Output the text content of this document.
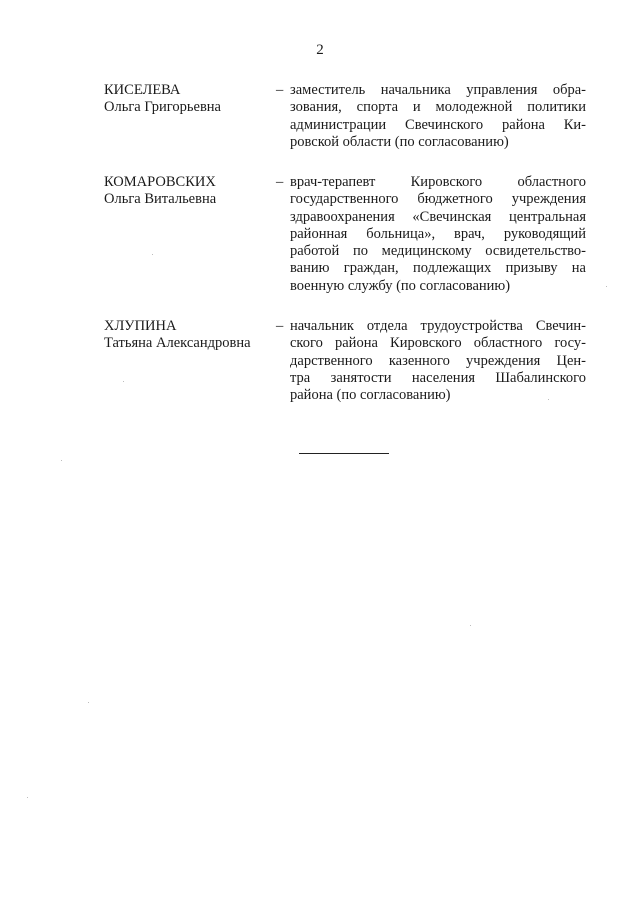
2
КИСЕЛЕВА
Ольга Григорьевна
– заместитель начальника управления обра-
зования, спорта и молодежной политики
администрации Свечинского района Ки-
ровской области (по согласованию)
КОМАРОВСКИХ
Ольга Витальевна
– врач-терапевт Кировского областного
государственного бюджетного учреждения
здравоохранения «Свечинская центральная
районная больница», врач, руководящий
работой по медицинскому освидетельство-
ванию граждан, подлежащих призыву на
военную службу (по согласованию)
ХЛУПИНА
Татьяна Александровна
– начальник отдела трудоустройства Свечин-
ского района Кировского областного госу-
дарственного казенного учреждения Цен-
тра занятости населения Шабалинского
района (по согласованию)
